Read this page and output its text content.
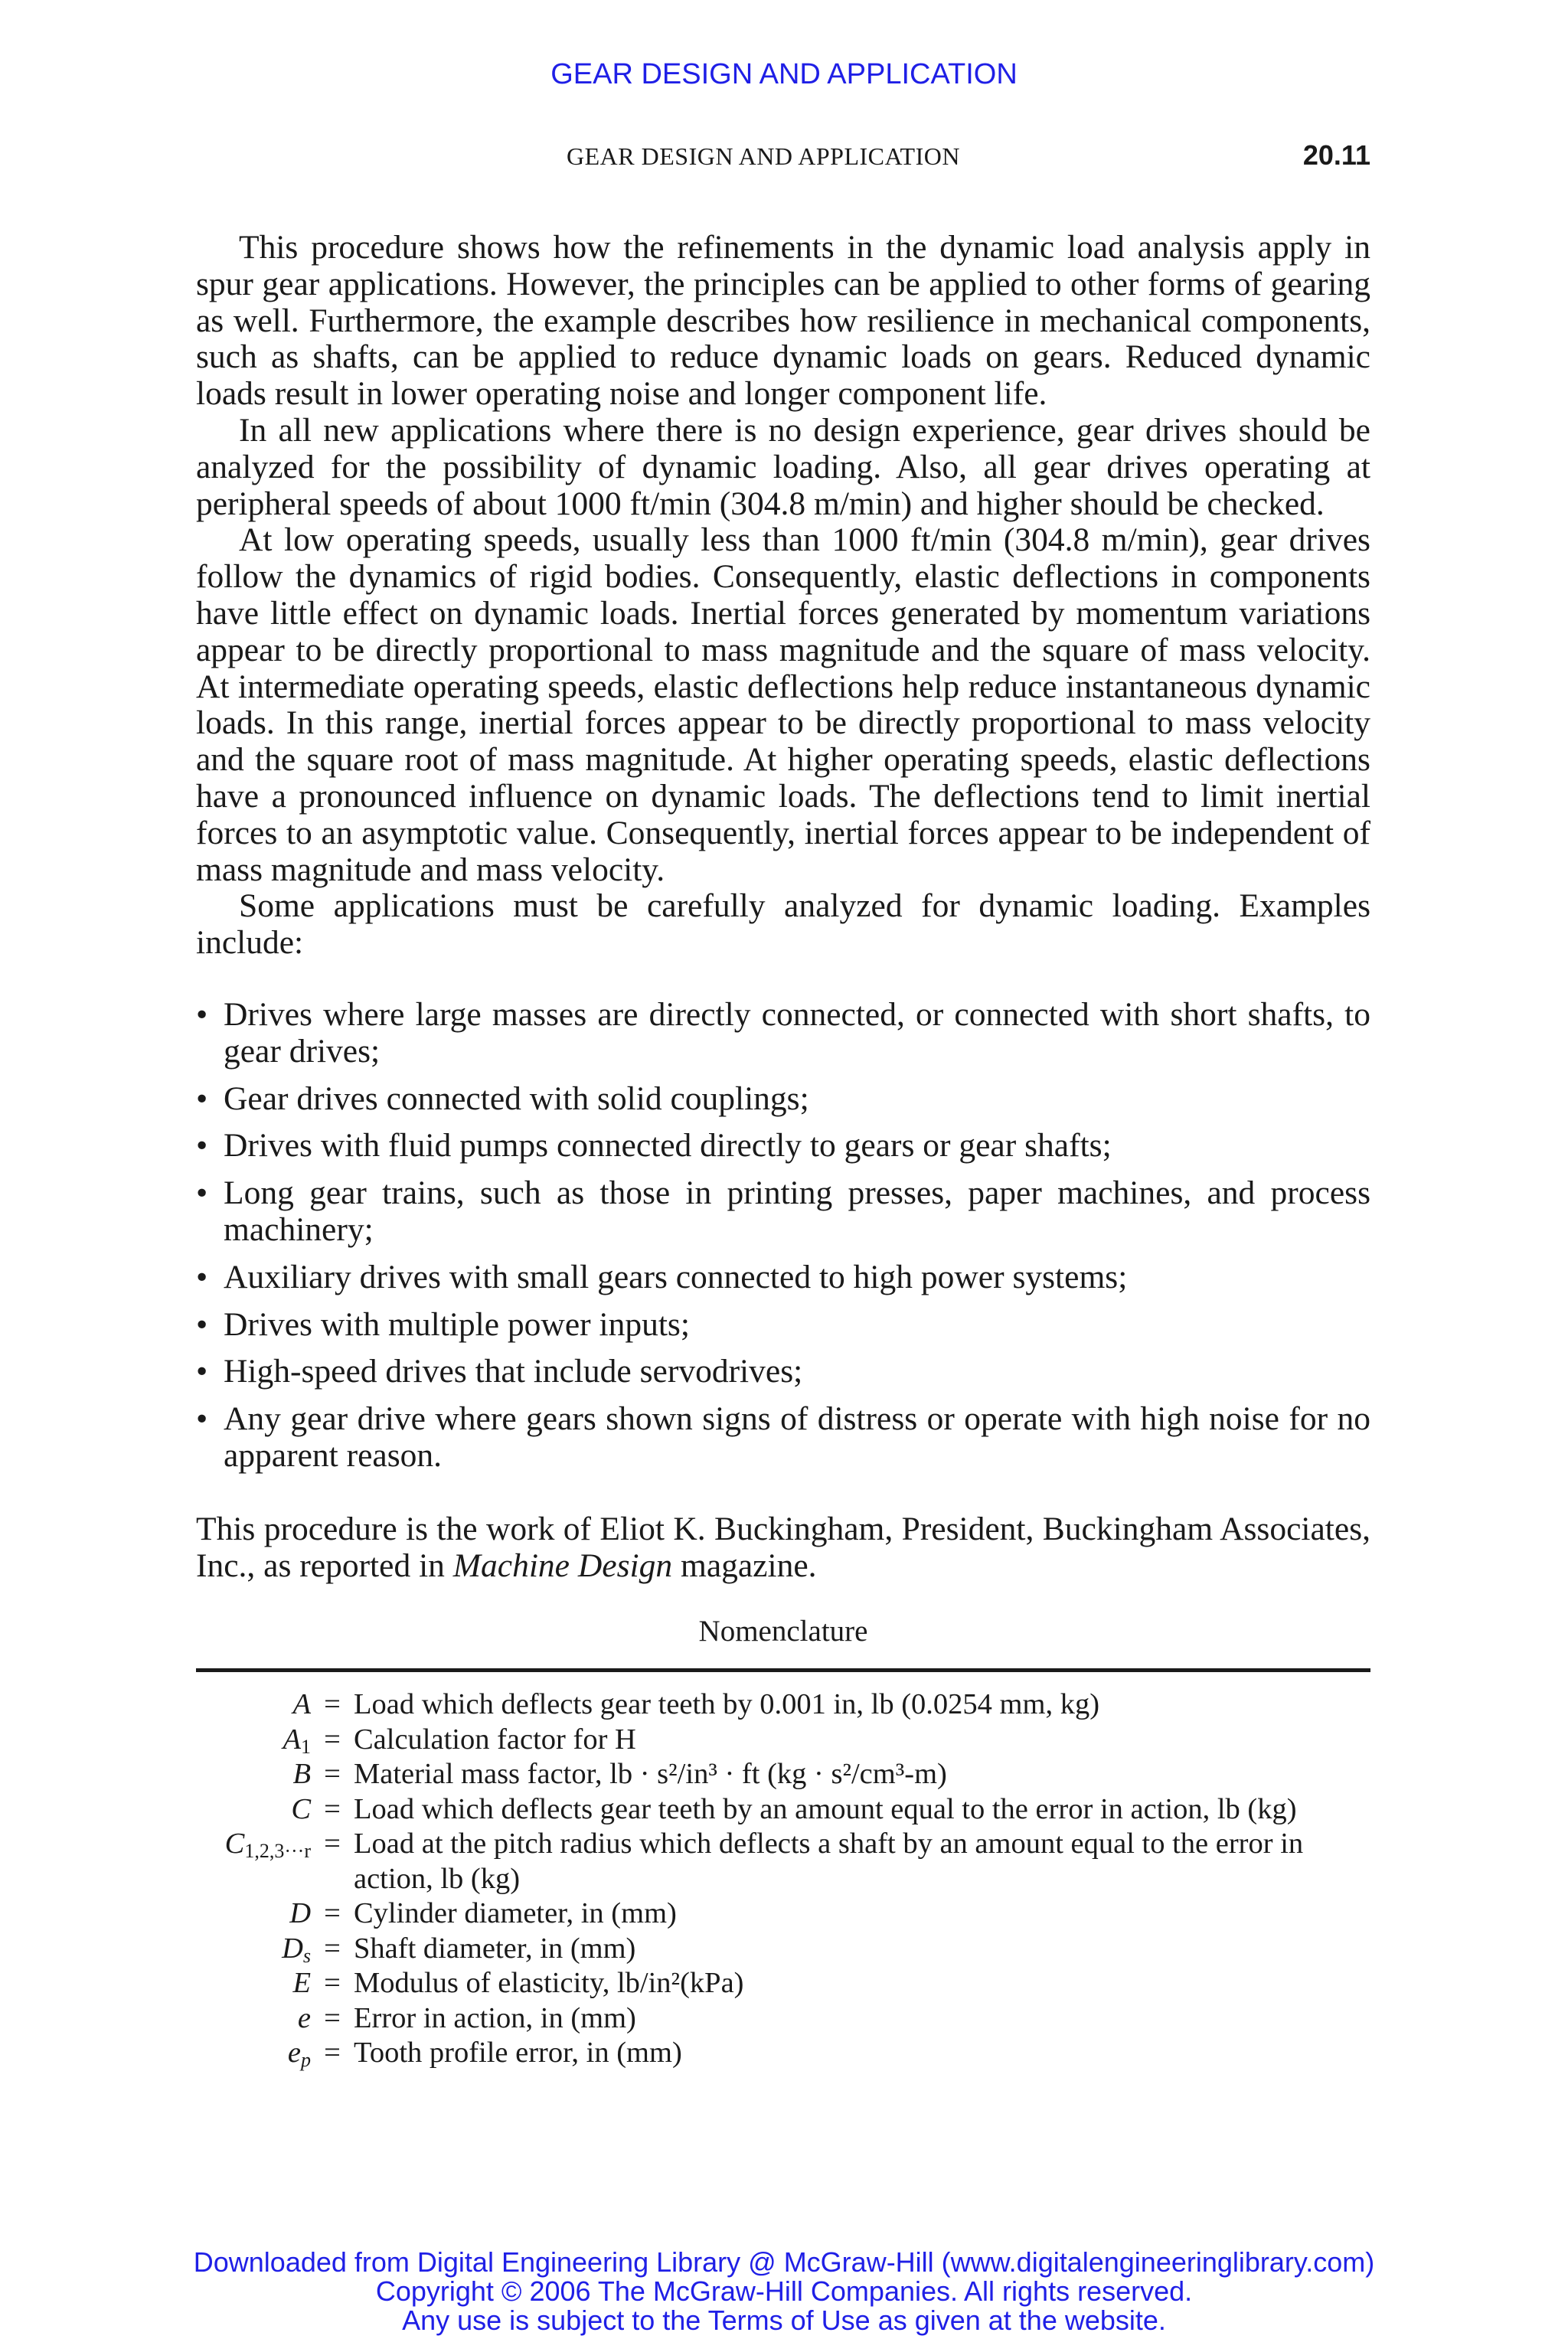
GEAR DESIGN AND APPLICATION
GEAR DESIGN AND APPLICATION	20.11

This procedure shows how the refinements in the dynamic load analysis apply in spur gear applications. However, the principles can be applied to other forms of gearing as well. Furthermore, the example describes how resilience in mechanical components, such as shafts, can be applied to reduce dynamic loads on gears. Reduced dynamic loads result in lower operating noise and longer component life.

In all new applications where there is no design experience, gear drives should be analyzed for the possibility of dynamic loading. Also, all gear drives operating at peripheral speeds of about 1000 ft/min (304.8 m/min) and higher should be checked.

At low operating speeds, usually less than 1000 ft/min (304.8 m/min), gear drives follow the dynamics of rigid bodies. Consequently, elastic deflections in components have little effect on dynamic loads. Inertial forces generated by momentum variations appear to be directly proportional to mass magnitude and the square of mass velocity. At intermediate operating speeds, elastic deflections help reduce instantaneous dynamic loads. In this range, inertial forces appear to be directly proportional to mass velocity and the square root of mass magnitude. At higher operating speeds, elastic deflections have a pronounced influence on dynamic loads. The deflections tend to limit inertial forces to an asymptotic value. Consequently, inertial forces appear to be independent of mass magnitude and mass velocity.

Some applications must be carefully analyzed for dynamic loading. Examples include:

• Drives where large masses are directly connected, or connected with short shafts, to gear drives;
• Gear drives connected with solid couplings;
• Drives with fluid pumps connected directly to gears or gear shafts;
• Long gear trains, such as those in printing presses, paper machines, and process machinery;
• Auxiliary drives with small gears connected to high power systems;
• Drives with multiple power inputs;
• High-speed drives that include servodrives;
• Any gear drive where gears shown signs of distress or operate with high noise for no apparent reason.

This procedure is the work of Eliot K. Buckingham, President, Buckingham Associates, Inc., as reported in Machine Design magazine.

Nomenclature
A = Load which deflects gear teeth by 0.001 in, lb (0.0254 mm, kg)
$A_1$ = Calculation factor for H
B = Material mass factor, lb · s²/in³ · ft (kg · s²/cm³-m)
C = Load which deflects gear teeth by an amount equal to the error in action, lb (kg)
$C_{1,2,3\cdot\cdot\cdot r}$ = Load at the pitch radius which deflects a shaft by an amount equal to the error in action, lb (kg)
D = Cylinder diameter, in (mm)
$D_s$ = Shaft diameter, in (mm)
E = Modulus of elasticity, lb/in²(kPa)
e = Error in action, in (mm)
$e_p$ = Tooth profile error, in (mm)
Downloaded from Digital Engineering Library @ McGraw-Hill (www.digitalengineeringlibrary.com)
Copyright © 2006 The McGraw-Hill Companies. All rights reserved.
Any use is subject to the Terms of Use as given at the website.
